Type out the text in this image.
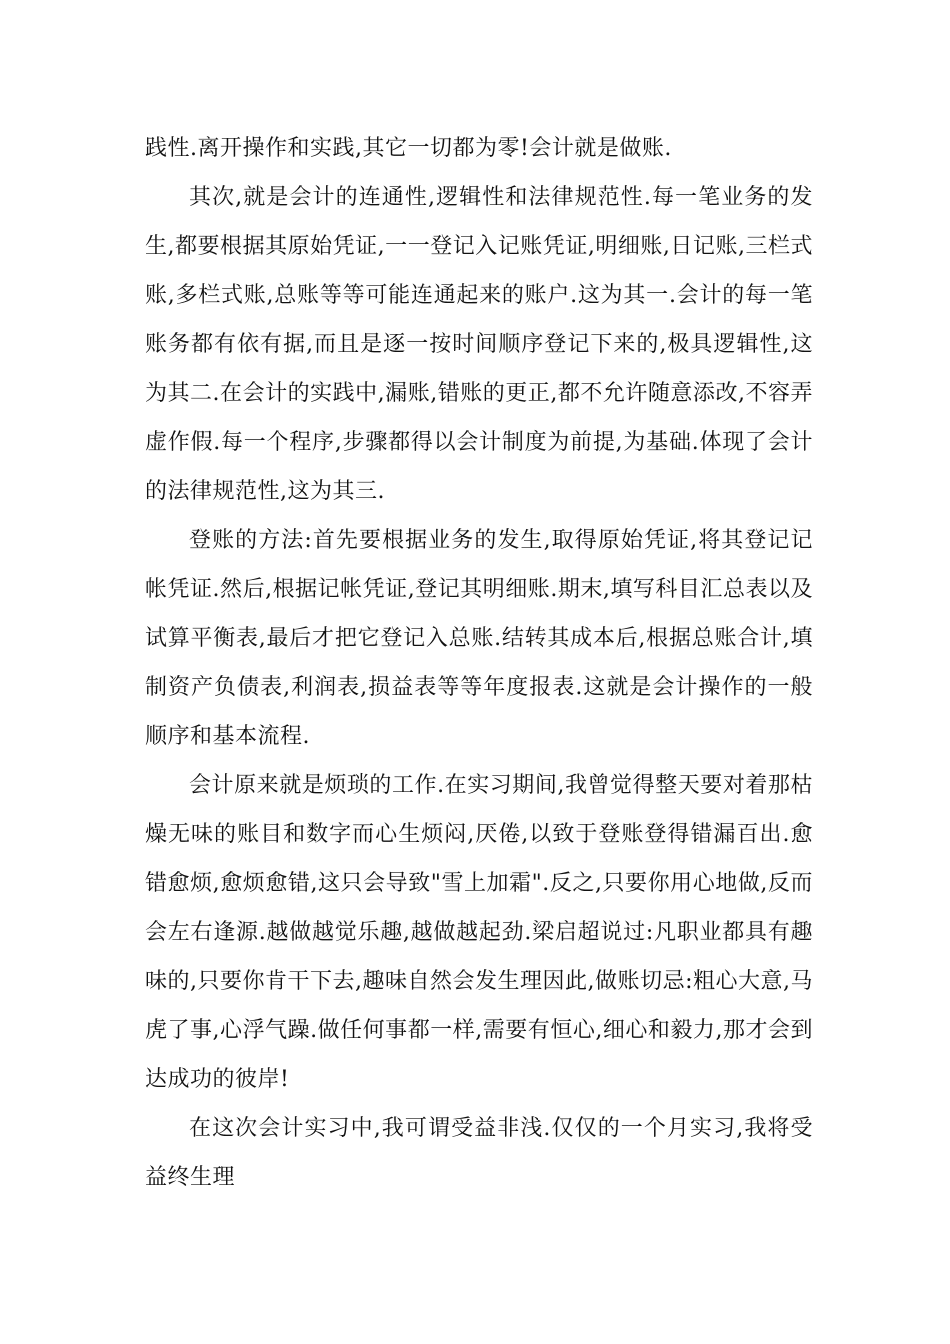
践性.离开操作和实践,其它一切都为零!会计就是做账.

其次,就是会计的连通性,逻辑性和法律规范性.每一笔业务的发生,都要根据其原始凭证,一一登记入记账凭证,明细账,日记账,三栏式账,多栏式账,总账等等可能连通起来的账户.这为其一.会计的每一笔账务都有依有据,而且是逐一按时间顺序登记下来的,极具逻辑性,这为其二.在会计的实践中,漏账,错账的更正,都不允许随意添改,不容弄虚作假.每一个程序,步骤都得以会计制度为前提,为基础.体现了会计的法律规范性,这为其三.

登账的方法:首先要根据业务的发生,取得原始凭证,将其登记记帐凭证.然后,根据记帐凭证,登记其明细账.期末,填写科目汇总表以及试算平衡表,最后才把它登记入总账.结转其成本后,根据总账合计,填制资产负债表,利润表,损益表等等年度报表.这就是会计操作的一般顺序和基本流程.

会计原来就是烦琐的工作.在实习期间,我曾觉得整天要对着那枯燥无味的账目和数字而心生烦闷,厌倦,以致于登账登得错漏百出.愈错愈烦,愈烦愈错,这只会导致"雪上加霜".反之,只要你用心地做,反而会左右逢源.越做越觉乐趣,越做越起劲.梁启超说过:凡职业都具有趣味的,只要你肯干下去,趣味自然会发生理因此,做账切忌:粗心大意,马虎了事,心浮气躁.做任何事都一样,需要有恒心,细心和毅力,那才会到达成功的彼岸!

在这次会计实习中,我可谓受益非浅.仅仅的一个月实习,我将受益终生理
